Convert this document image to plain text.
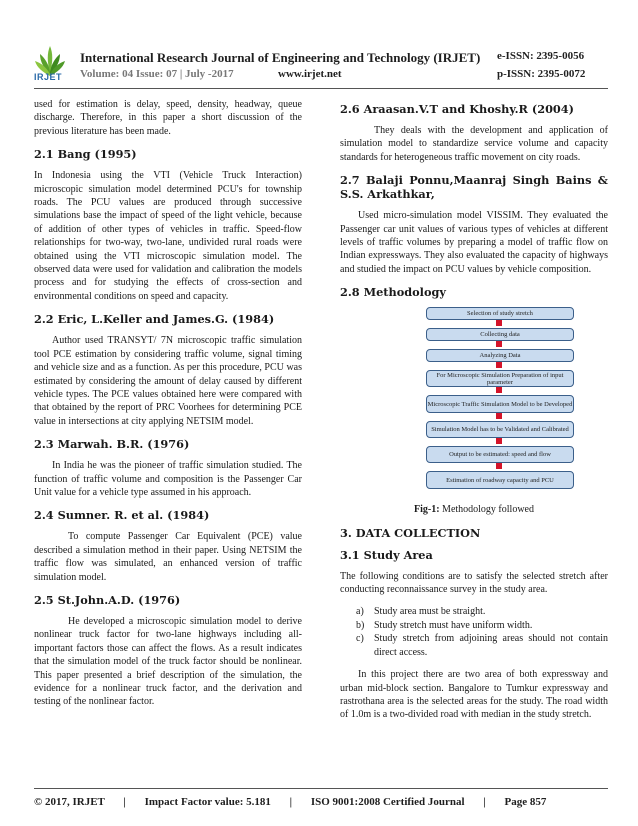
IRJET
International Research Journal of Engineering and Technology (IRJET) e-ISSN: 2395-0056
Volume: 04 Issue: 07 | July -2017	www.irjet.net	p-ISSN: 2395-0072

used for estimation is delay, speed, density, headway, queue discharge. Therefore, in this paper a short discussion of the previous literature has been made.

2.1 Bang (1995)

In Indonesia using the VTI (Vehicle Truck Interaction) microscopic simulation model determined PCU's for township roads. The PCU values are produced through successive simulations base the impact of speed of the light vehicle, because of addition of other types of vehicles in traffic. Speed-flow relationships for two-way, two-lane, undivided rural roads were obtained using the VTI microscopic simulation model. The observed data were used for validation and calibration the models process and for studying the effects of cross-section and environmental conditions on speed and capacity.

2.2 Eric, L.Keller and James.G. (1984)

Author used TRANSYT/ 7N microscopic traffic simulation tool PCE estimation by considering traffic volume, signal timing and vehicle size and as a function. As per this procedure, PCU was estimated by considering the amount of delay caused by different vehicle types. The PCE values obtained here were compared with that obtained by the report of PRC Voorhees for determining PCE value in intersections at city applying NETSIM model.

2.3 Marwah. B.R. (1976)

In India he was the pioneer of traffic simulation studied. The function of traffic volume and composition is the Passenger Car Unit value for a vehicle type assumed in his approach.

2.4 Sumner. R. et al. (1984)

To compute Passenger Car Equivalent (PCE) value described a simulation method in their paper. Using NETSIM the traffic flow was simulated, an enhanced version of traffic simulation model.

2.5 St.John.A.D. (1976)

He developed a microscopic simulation model to derive nonlinear truck factor for two-lane highways including all-important factors those can affect the flows. As a result indicates that the simulation model of the truck factor should be nonlinear. This paper presented a brief description of the simulation, the evidence for a nonlinear truck factor, and the derivation and testing of the nonlinear factor.

2.6 Araasan.V.T and Khoshy.R (2004)

They deals with the development and application of simulation model to standardize service volume and capacity standards for heterogeneous traffic movement on city roads.

2.7 Balaji Ponnu,Maanraj Singh Bains & S.S. Arkathkar,

Used micro-simulation model VISSIM. They evaluated the Passenger car unit values of various types of vehicles at different levels of traffic volumes by preparing a model of traffic flow on Indian expressways. They also evaluated the capacity of highways and studied the impact on PCU values by vehicle composition.

2.8 Methodology
Selection of study stretch
Collecting data
Analyzing Data
For Microscopic Simulation Preparation of input parameter
Microscopic Traffic Simulation Model to be Developed
Simulation Model has to be Validated and Calibrated
Output to be estimated: speed and flow
Estimation of roadway capacity and PCU
Fig-1: Methodology followed
3. DATA COLLECTION
3.1 Study Area

The following conditions are to satisfy the selected stretch after conducting reconnaissance survey in the study area.

a) Study area must be straight.
b) Study stretch must have uniform width.
c) Study stretch from adjoining areas should not contain direct access.

In this project there are two area of both expressway and urban mid-block section. Bangalore to Tumkur expressway and rastrothana area is the selected areas for the study. The road width of 1.0m is a two-divided road with median in the study stretch.

© 2017, IRJET | Impact Factor value: 5.181 | ISO 9001:2008 Certified Journal | Page 857
